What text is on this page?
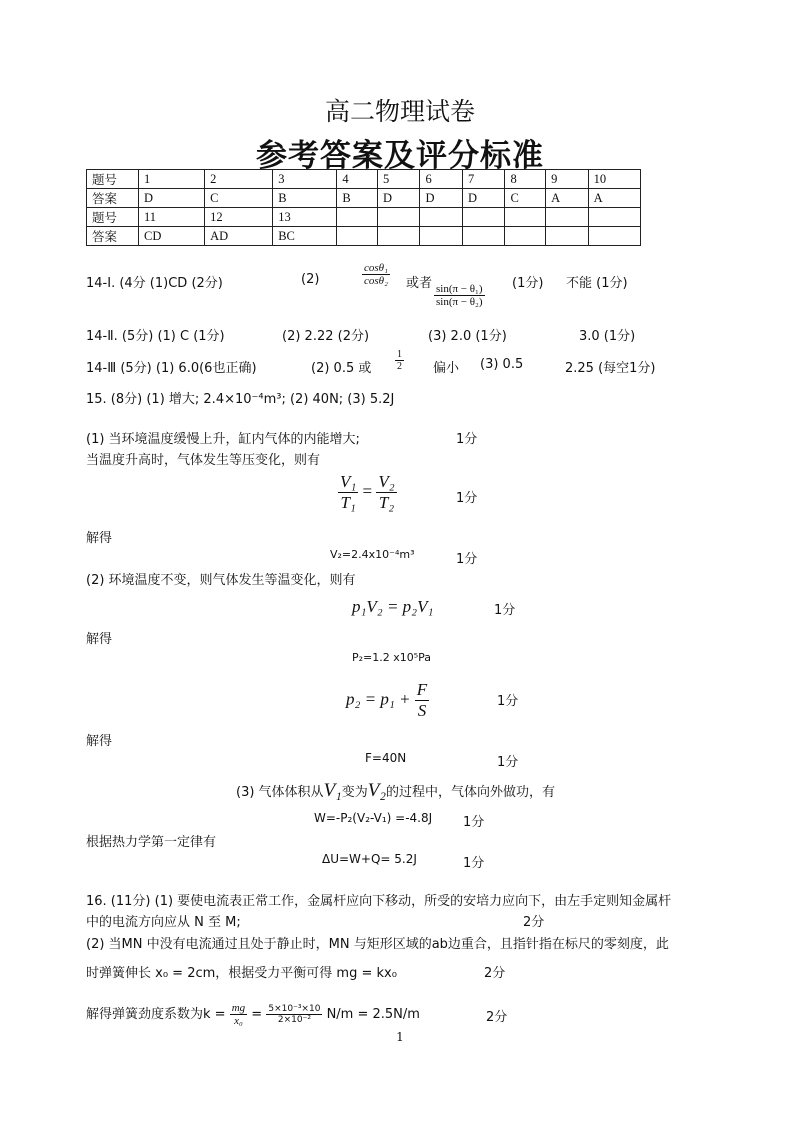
高二物理试卷
参考答案及评分标准
题号	1	2	3	4	5	6	7	8	9	10
答案	D	C	B	B	D	D	D	C	A	A
题号	11	12	13							
答案	CD	AD	BC							
14-Ⅰ. (4分 (1)CD (2分)	(2)	$\frac{\text{cosθ₁}}{\text{cosθ₂}}$ 或者 $\frac{\text{sin(π − θ₁)}}{\text{sin(π − θ₂)}} (1$分) 不能 (1分)
14-Ⅱ. (5分) (1) C (1分)	(2) 2.22 (2分)	(3) 2.0 (1分)	3.0 (1分)
14-Ⅲ (5分) (1) 6.0(6也正确)	(2) 0.5 或 $\frac{1}{2}$ 偏小 (3) 0.5	2.25 (每空1分)
15. (8分) (1) 增大; 2.4×10⁻⁴m³; (2) 40N; (3) 5.2J
(1) 当环境温度缓慢上升，缸内气体的内能增大;	1分
当温度升高时，气体发生等压变化，则有
$\frac{\text{V₁}}{\text{T₁}} = \frac{\text{V₂}}{\text{T₂}}$	1分
解得
V₂=2.4x10⁻⁴m³	1分
(2) 环境温度不变，则气体发生等温变化，则有
p₁V₂ = p₂V₁	1分
解得
P₂=1.2 x10⁵Pa
$p_2 = p_1 + \frac{F}{S}$	1分
解得
F=40N	1分
(3) 气体体积从V₁变为V₂的过程中，气体向外做功，有
W=-P₂(V₂-V₁) =-4.8J 1分
根据热力学第一定律有
ΔU=W+Q= 5.2J	1分
16. (11分) (1) 要使电流表正常工作，金属杆应向下移动，所受的安培力应向下，由左手定则知金属杆
中的电流方向应从 N 至 M;	2分
(2) 当MN 中没有电流通过且处于静止时，MN 与矩形区域的ab边重合，且指针指在标尺的零刻度，此
时弹簧伸长 x₀ = 2cm，根据受力平衡可得 mg = kx₀	2分
解得弹簧劲度系数为$k = \frac{mg}{\text{x₀}} = \frac{\text{5×10⁻³×10}}{\text{2×10⁻²}} N/m = 2.5N/m$	2分
1
